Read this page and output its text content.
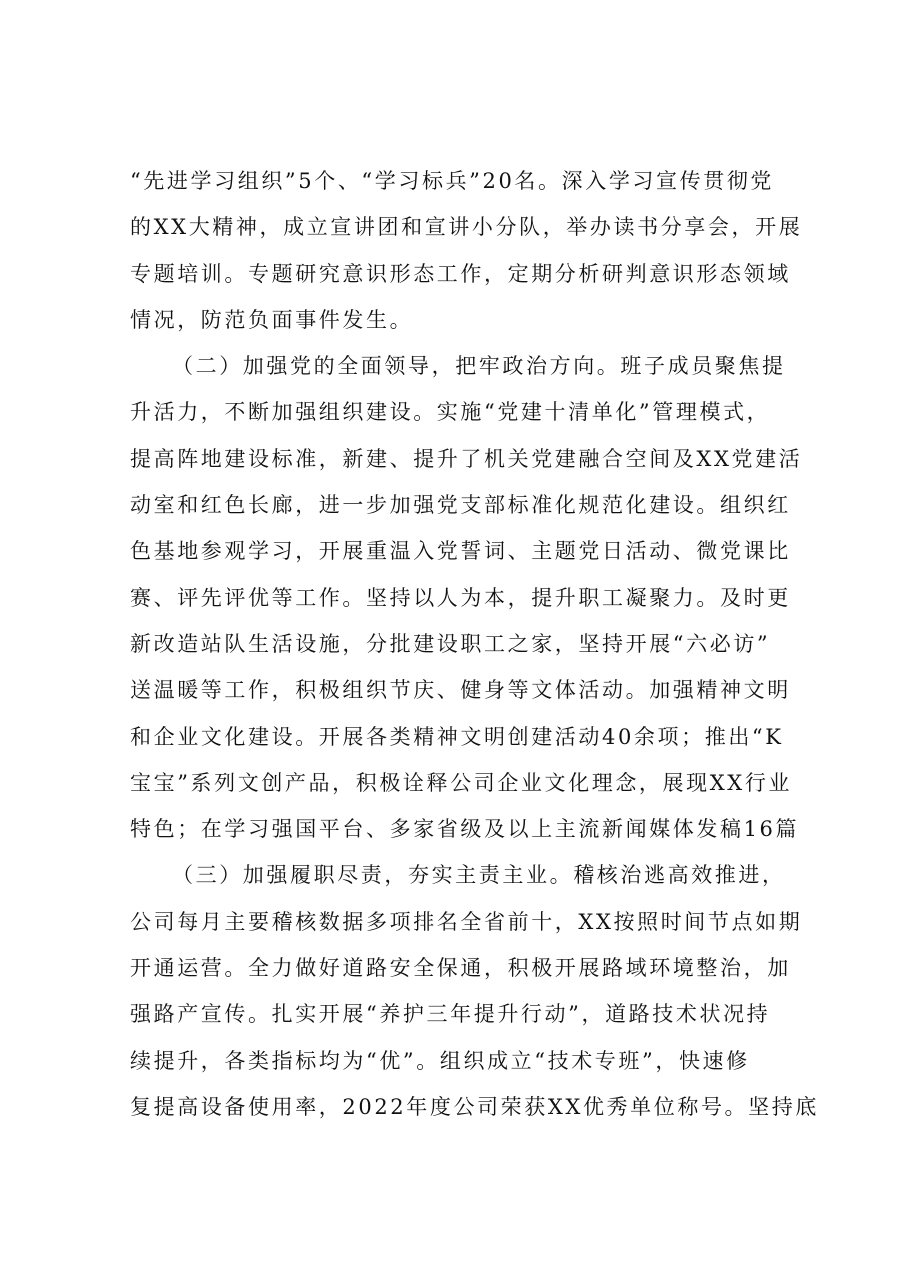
“先进学习组织”5个、“学习标兵”20名。深入学习宣传贯彻党
的XX大精神，成立宣讲团和宣讲小分队，举办读书分享会，开展
专题培训。专题研究意识形态工作，定期分析研判意识形态领域
情况，防范负面事件发生。
（二）加强党的全面领导，把牢政治方向。班子成员聚焦提
升活力，不断加强组织建设。实施“党建十清单化”管理模式，
提高阵地建设标准，新建、提升了机关党建融合空间及XX党建活
动室和红色长廊，进一步加强党支部标准化规范化建设。组织红
色基地参观学习，开展重温入党誓词、主题党日活动、微党课比
赛、评先评优等工作。坚持以人为本，提升职工凝聚力。及时更
新改造站队生活设施，分批建设职工之家，坚持开展“六必访”
送温暖等工作，积极组织节庆、健身等文体活动。加强精神文明
和企业文化建设。开展各类精神文明创建活动40余项；推出“K
宝宝”系列文创产品，积极诠释公司企业文化理念，展现XX行业
特色；在学习强国平台、多家省级及以上主流新闻媒体发稿16篇
（三）加强履职尽责，夯实主责主业。稽核治逃高效推进，
公司每月主要稽核数据多项排名全省前十，XX按照时间节点如期
开通运营。全力做好道路安全保通，积极开展路域环境整治，加
强路产宣传。扎实开展“养护三年提升行动”，道路技术状况持
续提升，各类指标均为“优”。组织成立“技术专班”，快速修
复提高设备使用率，2022年度公司荣获XX优秀单位称号。坚持底
